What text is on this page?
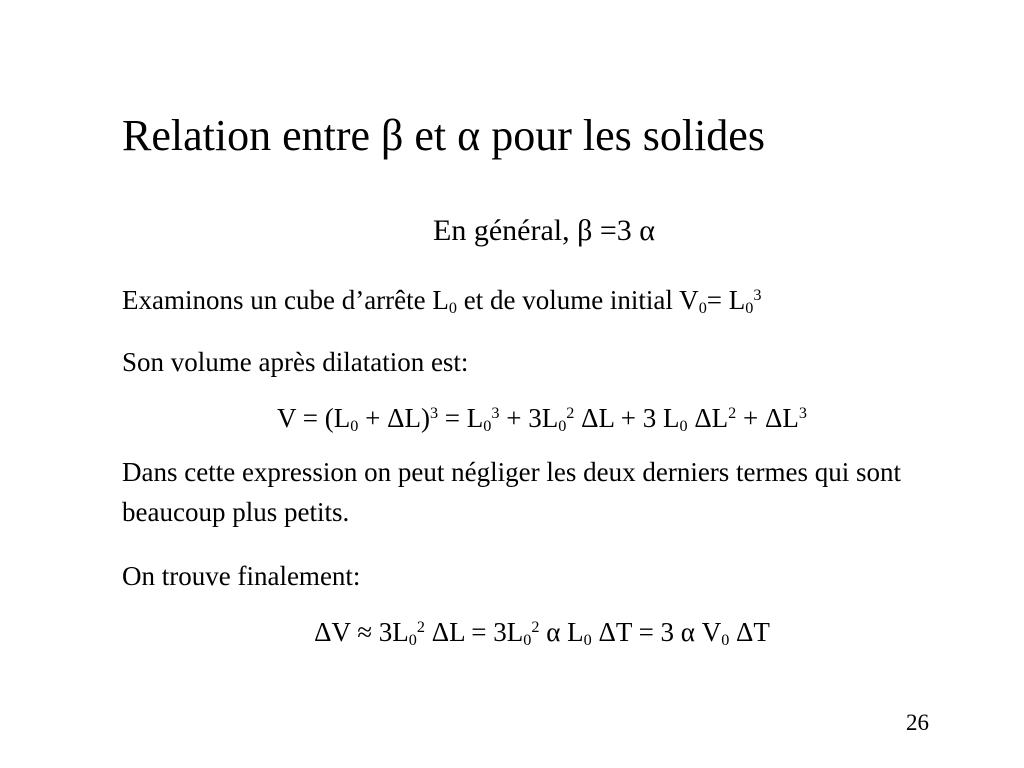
Relation entre β et α pour les solides
En général, β =3 α
Examinons un cube d’arrête $L_0$ et de volume initial $V_0= L_0^3$
Son volume après dilatation est:
$V = (L_0 + \Delta L)^3 = L_0^3 + 3L_0^2$ ΔL + 3 $L_0$ $\Delta L^2 + \Delta L^3$
Dans cette expression on peut négliger les deux derniers termes qui sont beaucoup plus petits.
On trouve finalement:
$\Delta V \approx 3L_0^2$ $\Delta L = 3L_0^2$ α $L_0$ ΔT = 3 α $V_0$ ΔT
26
